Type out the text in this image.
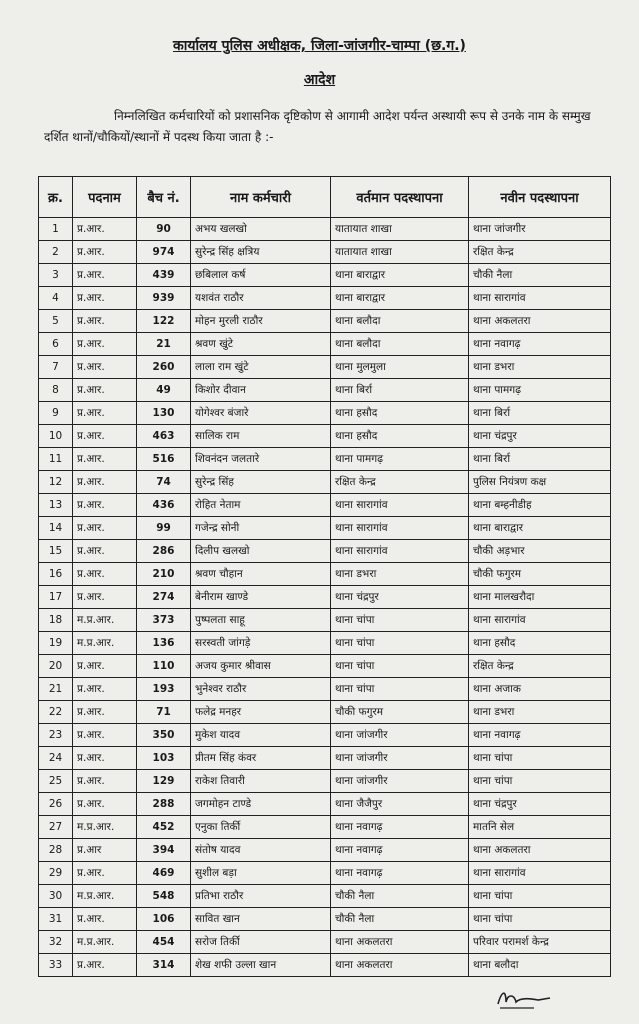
कार्यालय पुलिस अधीक्षक, जिला-जांजगीर-चाम्पा (छ.ग.)
आदेश
निम्नलिखित कर्मचारियों को प्रशासनिक दृष्टिकोण से आगामी आदेश पर्यन्त अस्थायी रूप से उनके नाम के सम्मुख दर्शित थानों/चौकियों/स्थानों में पदस्थ किया जाता है :-
क्र.	पदनाम	बैच नं.	नाम कर्मचारी	वर्तमान पदस्थापना	नवीन पदस्थापना
1	प्र.आर.	90	अभय खलखो	यातायात शाखा	थाना जांजगीर
2	प्र.आर.	974	सुरेन्द्र सिंह क्षत्रिय	यातायात शाखा	रक्षित केन्द्र
3	प्र.आर.	439	छबिलाल कर्ष	थाना बाराद्वार	चौकी नैला
4	प्र.आर.	939	यशवंत राठौर	थाना बाराद्वार	थाना सारागांव
5	प्र.आर.	122	मोहन मुरली राठौर	थाना बलौदा	थाना अकलतरा
6	प्र.आर.	21	श्रवण खुंटे	थाना बलौदा	थाना नवागढ़
7	प्र.आर.	260	लाला राम खुंटे	थाना मुलमुला	थाना डभरा
8	प्र.आर.	49	किशोर दीवान	थाना बिर्रा	थाना पामगढ़
9	प्र.आर.	130	योगेश्वर बंजारे	थाना हसौद	थाना बिर्रा
10	प्र.आर.	463	सालिक राम	थाना हसौद	थाना चंद्रपुर
11	प्र.आर.	516	शिवनंदन जलतारे	थाना पामगढ़	थाना बिर्रा
12	प्र.आर.	74	सुरेन्द्र सिंह	रक्षित केन्द्र	पुलिस नियंत्रण कक्ष
13	प्र.आर.	436	रोहित नेताम	थाना सारागांव	थाना बम्हनीडीह
14	प्र.आर.	99	गजेन्द्र सोनी	थाना सारागांव	थाना बाराद्वार
15	प्र.आर.	286	दिलीप खलखो	थाना सारागांव	चौकी अड़भार
16	प्र.आर.	210	श्रवण चौहान	थाना डभरा	चौकी फगुरम
17	प्र.आर.	274	बेनीराम खाण्डे	थाना चंद्रपुर	थाना मालखरौदा
18	म.प्र.आर.	373	पुष्पलता साहू	थाना चांपा	थाना सारागांव
19	म.प्र.आर.	136	सरस्वती जांगड़े	थाना चांपा	थाना हसौद
20	प्र.आर.	110	अजय कुमार श्रीवास	थाना चांपा	रक्षित केन्द्र
21	प्र.आर.	193	भुनेश्वर राठौर	थाना चांपा	थाना अजाक
22	प्र.आर.	71	फलेद्र मनहर	चौकी फगुरम	थाना डभरा
23	प्र.आर.	350	मुकेश यादव	थाना जांजगीर	थाना नवागढ़
24	प्र.आर.	103	प्रीतम सिंह कंवर	थाना जांजगीर	थाना चांपा
25	प्र.आर.	129	राकेश तिवारी	थाना जांजगीर	थाना चांपा
26	प्र.आर.	288	जगमोहन टाण्डे	थाना जैजैपुर	थाना चंद्रपुर
27	म.प्र.आर.	452	एनुका तिर्की	थाना नवागढ़	मातनि सेल
28	प्र.आर	394	संतोष यादव	थाना नवागढ़	थाना अकलतरा
29	प्र.आर.	469	सुशील बड़ा	थाना नवागढ़	थाना सारागांव
30	म.प्र.आर.	548	प्रतिभा राठौर	चौकी नैला	थाना चांपा
31	प्र.आर.	106	सावित खान	चौकी नैला	थाना चांपा
32	म.प्र.आर.	454	सरोज तिर्की	थाना अकलतरा	परिवार परामर्श केन्द्र
33	प्र.आर.	314	शेख शफी उल्ला खान	थाना अकलतरा	थाना बलौदा
